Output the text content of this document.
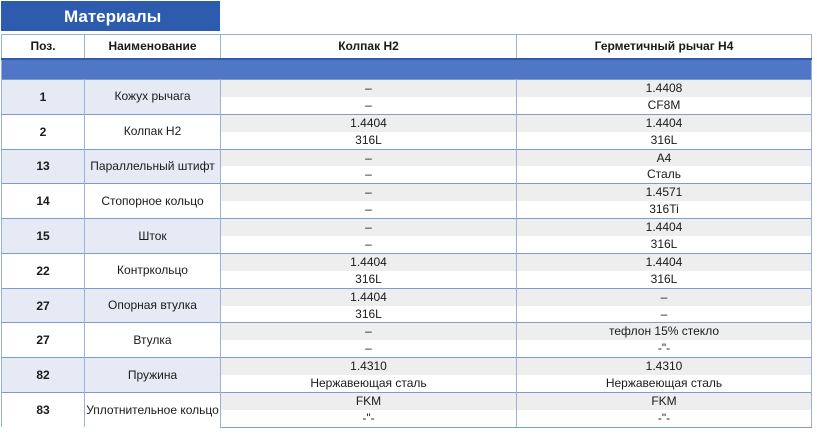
Материалы
Поз.	Наименование	Колпак H2	Герметичный рычаг H4

1	Кожух рычага	–	1.4408
		–	CF8M
2	Колпак H2	1.4404	1.4404
		316L	316L
13	Параллельный штифт	–	A4
		–	Сталь
14	Стопорное кольцо	–	1.4571
		–	316Ti
15	Шток	–	1.4404
		–	316L
22	Контркольцо	1.4404	1.4404
		316L	316L
27	Опорная втулка	1.4404	–
		316L	–
27	Втулка	–	тефлон 15% стекло
		–	-"-
82	Пружина	1.4310	1.4310
		Нержавеющая сталь	Нержавеющая сталь
83	Уплотнительное кольцо	FKM	FKM
		-"-	-"-
